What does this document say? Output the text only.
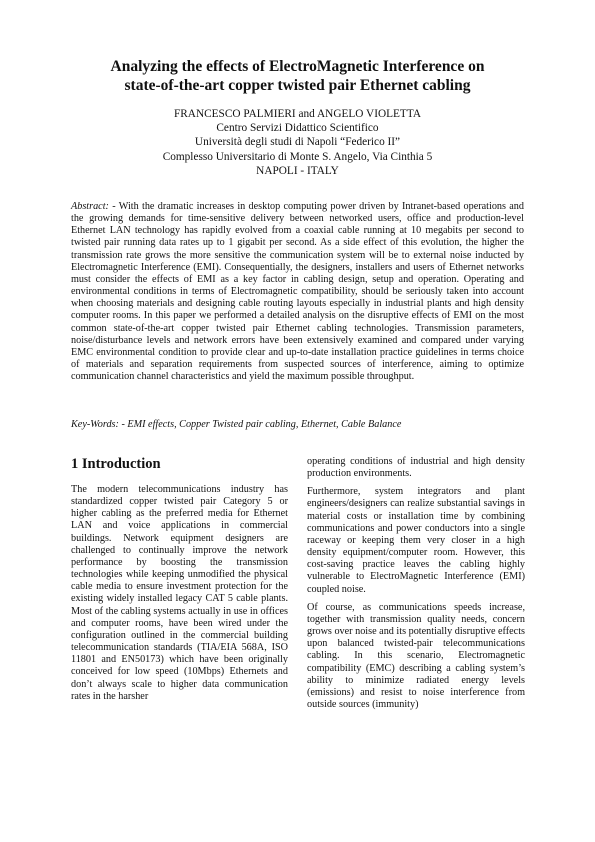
Analyzing the effects of ElectroMagnetic Interference on
state-of-the-art copper twisted pair Ethernet cabling
FRANCESCO PALMIERI and ANGELO VIOLETTA
Centro Servizi Didattico Scientifico
Università degli studi di Napoli “Federico II”
Complesso Universitario di Monte S. Angelo, Via Cinthia 5
NAPOLI - ITALY

Abstract: - With the dramatic increases in desktop computing power driven by Intranet-based operations and the growing demands for time-sensitive delivery between networked users, office and production-level Ethernet LAN technology has rapidly evolved from a coaxial cable running at 10 megabits per second to twisted pair running data rates up to 1 gigabit per second. As a side effect of this evolution, the higher the transmission rate grows the more sensitive the communication system will be to external noise inducted by Electromagnetic Interference (EMI). Consequentially, the designers, installers and users of Ethernet networks must consider the effects of EMI as a key factor in cabling design, setup and operation. Operating and environmental conditions in terms of Electromagnetic compatibility, should be seriously taken into account when choosing materials and designing cable routing layouts especially in industrial plants and high density computer rooms. In this paper we performed a detailed analysis on the disruptive effects of EMI on the most common state-of-the-art copper twisted pair Ethernet cabling technologies. Transmission parameters, noise/disturbance levels and network errors have been extensively examined and compared under varying EMC environmental condition to provide clear and up-to-date installation practice guidelines in terms choice of materials and separation requirements from suspected sources of interference, aiming to optimize communication channel characteristics and yield the maximum possible throughput.

Key-Words: - EMI effects, Copper Twisted pair cabling, Ethernet, Cable Balance

1 Introduction

The modern telecommunications industry has standardized copper twisted pair Category 5 or higher cabling as the preferred media for Ethernet LAN and voice applications in commercial buildings. Network equipment designers are challenged to continually improve the network performance by boosting the transmission technologies while keeping unmodified the physical cable media to ensure investment protection for the existing widely installed legacy CAT 5 cable plants. Most of the cabling systems actually in use in offices and computer rooms, have been wired under the configuration outlined in the commercial building telecommunication standards (TIA/EIA 568A, ISO 11801 and EN50173) which have been originally conceived for low speed (10Mbps) Ethernets and don’t always scale to higher data communication rates in the harsher

operating conditions of industrial and high density production environments.

Furthermore, system integrators and plant engineers/designers can realize substantial savings in material costs or installation time by combining communications and power conductors into a single raceway or keeping them very closer in a high density equipment/computer room. However, this cost-saving practice leaves the cabling highly vulnerable to ElectroMagnetic Interference (EMI) coupled noise.

Of course, as communications speeds increase, together with transmission quality needs, concern grows over noise and its potentially disruptive effects upon balanced twisted-pair telecommunications cabling. In this scenario, Electromagnetic compatibility (EMC) describing a cabling system’s ability to minimize radiated energy levels (emissions) and resist to noise interference from outside sources (immunity)
